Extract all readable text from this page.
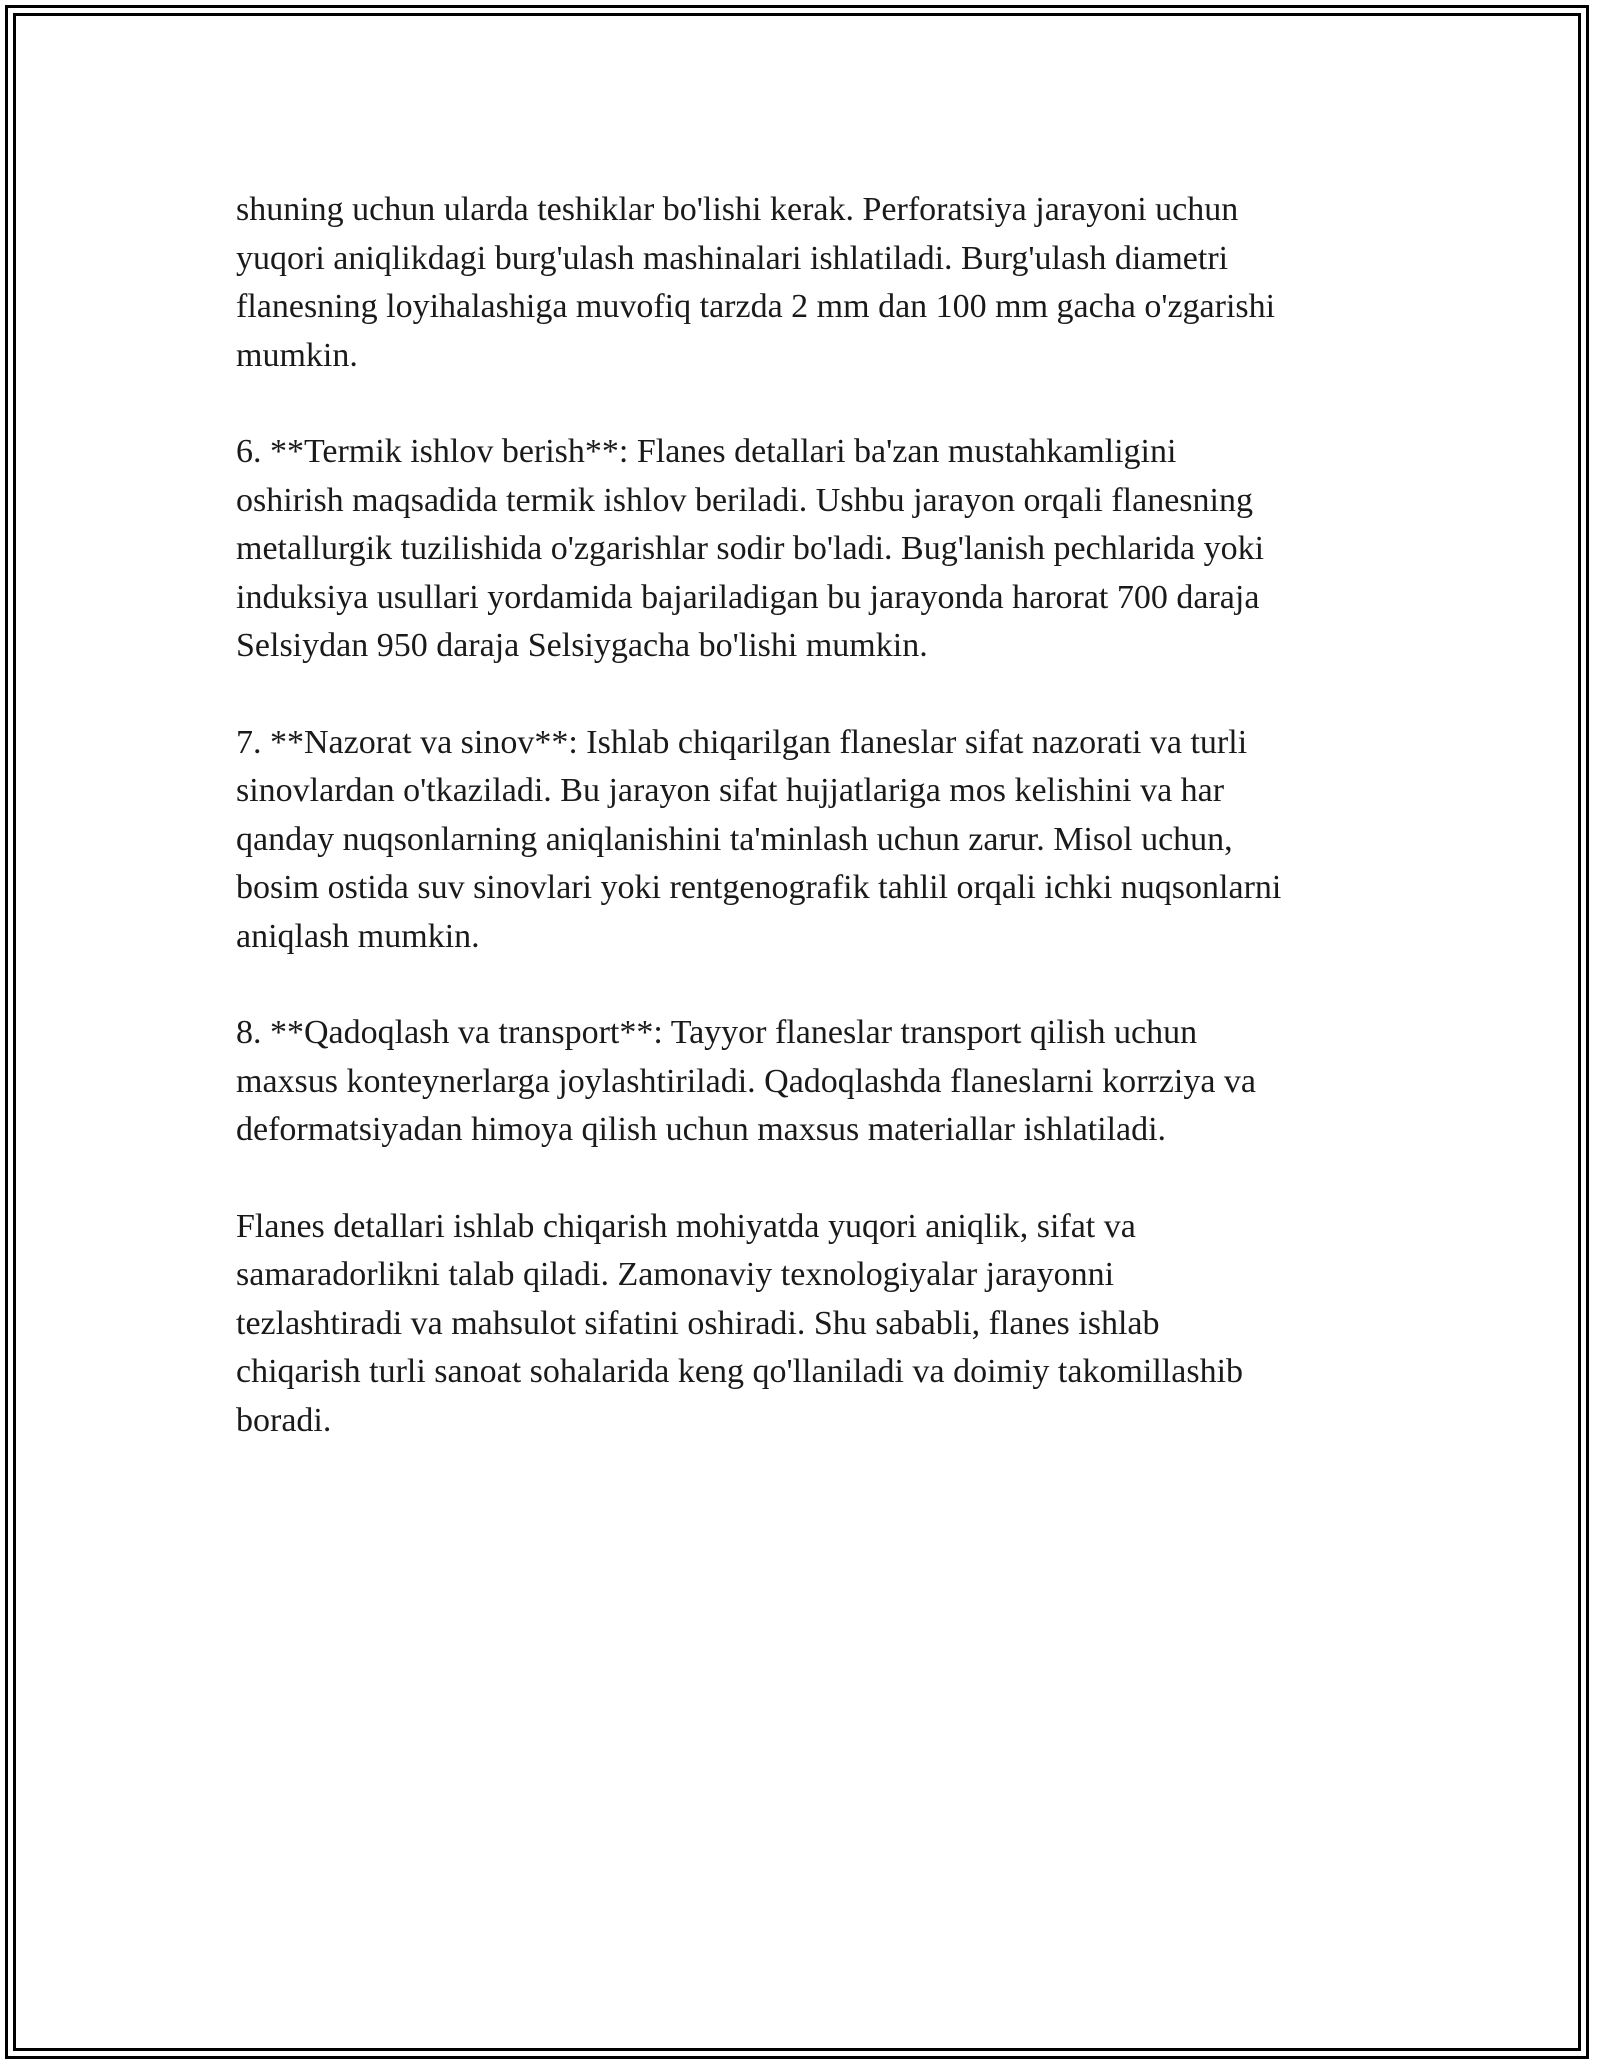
shuning uchun ularda teshiklar bo'lishi kerak. Perforatsiya jarayoni uchun
yuqori aniqlikdagi burg'ulash mashinalari ishlatiladi. Burg'ulash diametri
flanesning loyihalashiga muvofiq tarzda 2 mm dan 100 mm gacha o'zgarishi
mumkin.

6. **Termik ishlov berish**: Flanes detallari ba'zan mustahkamligini
oshirish maqsadida termik ishlov beriladi. Ushbu jarayon orqali flanesning
metallurgik tuzilishida o'zgarishlar sodir bo'ladi. Bug'lanish pechlarida yoki
induksiya usullari yordamida bajariladigan bu jarayonda harorat 700 daraja
Selsiydan 950 daraja Selsiygacha bo'lishi mumkin.

7. **Nazorat va sinov**: Ishlab chiqarilgan flaneslar sifat nazorati va turli
sinovlardan o'tkaziladi. Bu jarayon sifat hujjatlariga mos kelishini va har
qanday nuqsonlarning aniqlanishini ta'minlash uchun zarur. Misol uchun,
bosim ostida suv sinovlari yoki rentgenografik tahlil orqali ichki nuqsonlarni
aniqlash mumkin.

8. **Qadoqlash va transport**: Tayyor flaneslar transport qilish uchun
maxsus konteynerlarga joylashtiriladi. Qadoqlashda flaneslarni korrziya va
deformatsiyadan himoya qilish uchun maxsus materiallar ishlatiladi.

Flanes detallari ishlab chiqarish mohiyatda yuqori aniqlik, sifat va
samaradorlikni talab qiladi. Zamonaviy texnologiyalar jarayonni
tezlashtiradi va mahsulot sifatini oshiradi. Shu sababli, flanes ishlab
chiqarish turli sanoat sohalarida keng qo'llaniladi va doimiy takomillashib
boradi.
